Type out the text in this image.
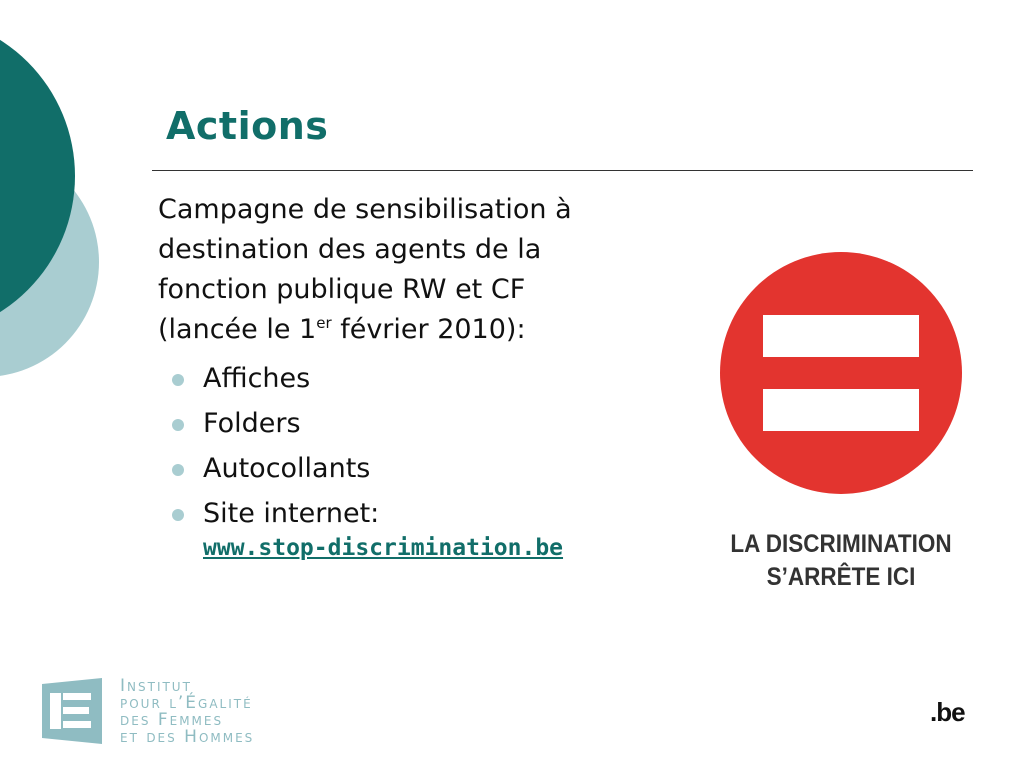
Actions
Campagne de sensibilisation à
destination des agents de la
fonction publique RW et CF
(lancée le 1er février 2010):
Affiches
Folders
Autocollants
Site internet:
www.stop-discrimination.be	LA DISCRIMINATION
S’ARRÊTE ICI
Institut
pour l’Égalité
des Femmes
et des Hommes
.be
